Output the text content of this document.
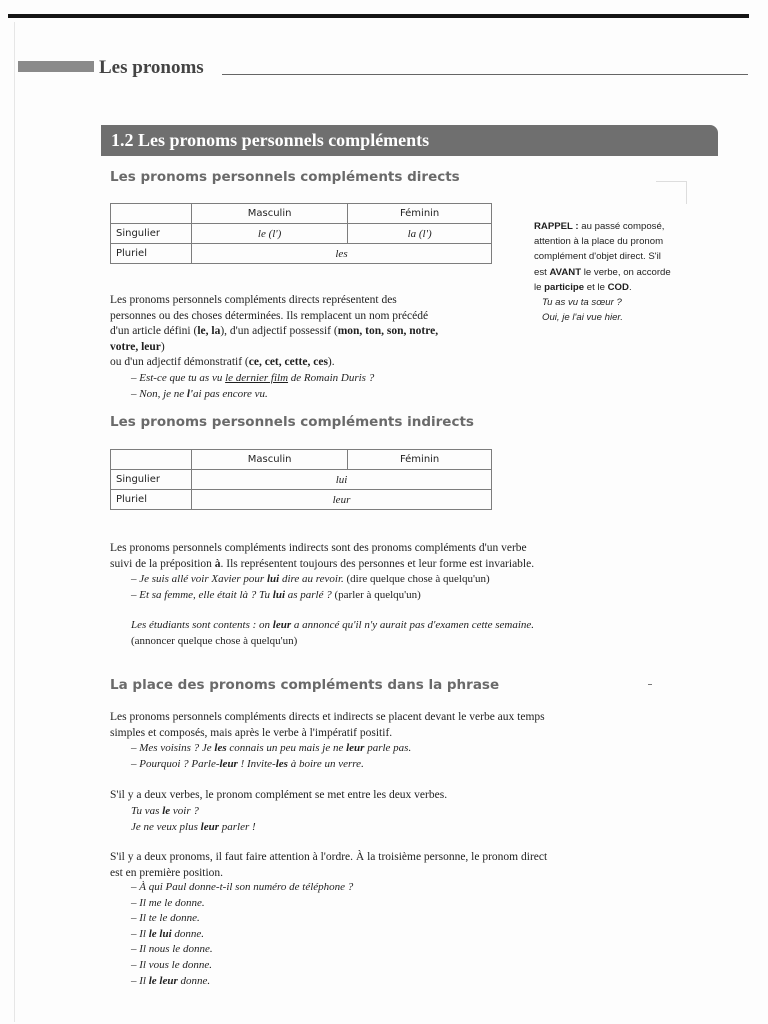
Les pronoms
1.2 Les pronoms personnels compléments
Les pronoms personnels compléments directs
	Masculin	Féminin
Singulier	le (l')	la (l')
Pluriel	les	
Les pronoms personnels compléments directs représentent des
personnes ou des choses déterminées. Ils remplacent un nom précédé
d'un article défini (le, la), d'un adjectif possessif (mon, ton, son, notre,
votre, leur)
ou d'un adjectif démonstratif (ce, cet, cette, ces).
– Est-ce que tu as vu le dernier film de Romain Duris ?
– Non, je ne l'ai pas encore vu.
RAPPEL : au passé composé,
attention à la place du pronom
complément d'objet direct. S'il
est AVANT le verbe, on accorde
le participe et le COD.
Tu as vu ta sœur ?
Oui, je l'ai vue hier.
Les pronoms personnels compléments indirects
	Masculin	Féminin
Singulier	lui	
Pluriel	leur	
Les pronoms personnels compléments indirects sont des pronoms compléments d'un verbe
suivi de la préposition à. Ils représentent toujours des personnes et leur forme est invariable.
– Je suis allé voir Xavier pour lui dire au revoir. (dire quelque chose à quelqu'un)
– Et sa femme, elle était là ? Tu lui as parlé ? (parler à quelqu'un)
Les étudiants sont contents : on leur a annoncé qu'il n'y aurait pas d'examen cette semaine.
(annoncer quelque chose à quelqu'un)
La place des pronoms compléments dans la phrase
Les pronoms personnels compléments directs et indirects se placent devant le verbe aux temps
simples et composés, mais après le verbe à l'impératif positif.
– Mes voisins ? Je les connais un peu mais je ne leur parle pas.
– Pourquoi ? Parle-leur ! Invite-les à boire un verre.
S'il y a deux verbes, le pronom complément se met entre les deux verbes.
Tu vas le voir ?
Je ne veux plus leur parler !
S'il y a deux pronoms, il faut faire attention à l'ordre. À la troisième personne, le pronom direct
est en première position.
– À qui Paul donne-t-il son numéro de téléphone ?
– Il me le donne.
– Il te le donne.
– Il le lui donne.
– Il nous le donne.
– Il vous le donne.
– Il le leur donne.
